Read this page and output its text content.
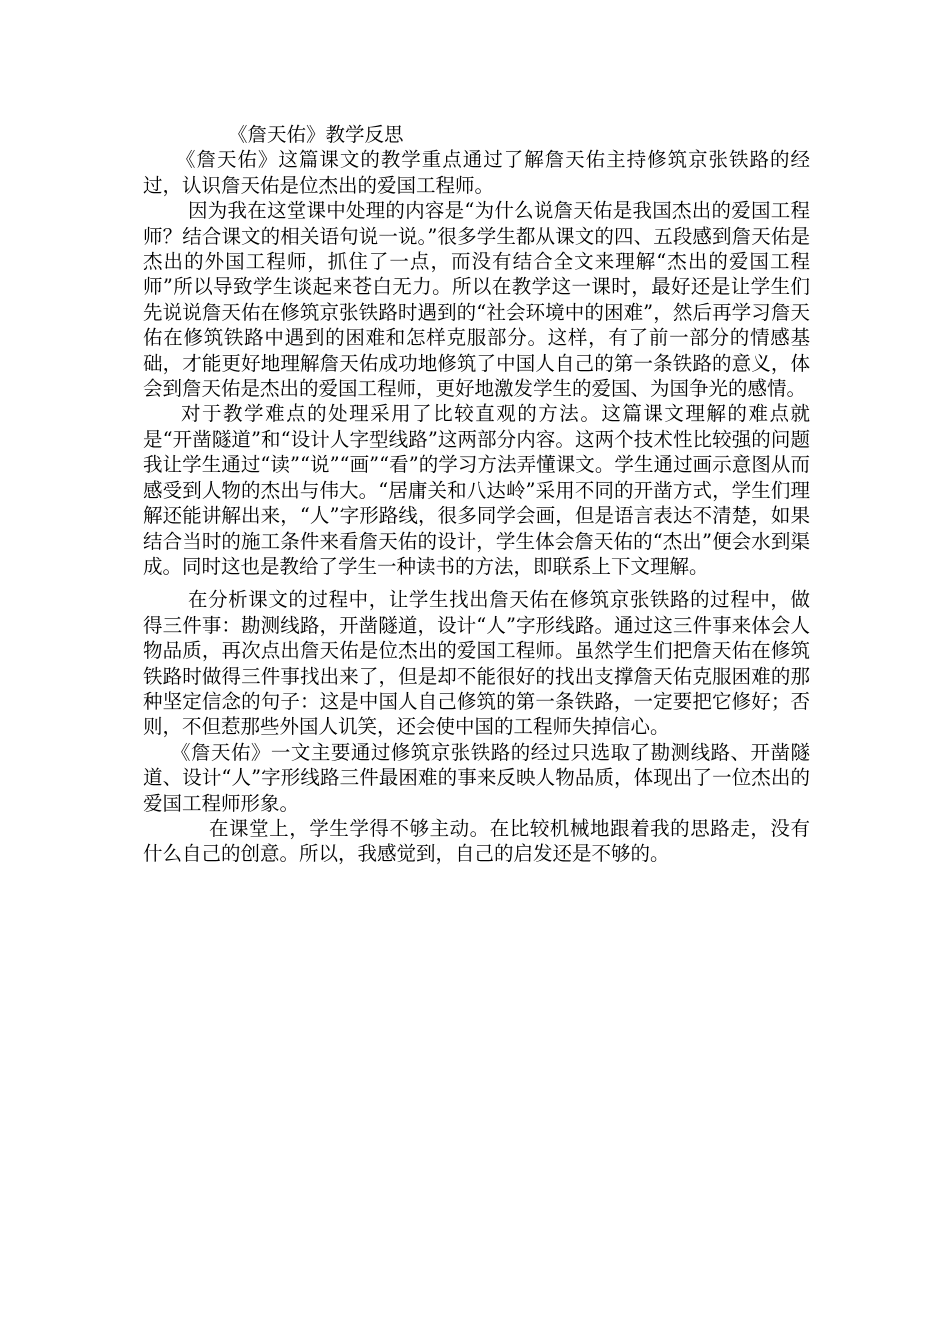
《詹天佑》教学反思

《詹天佑》这篇课文的教学重点通过了解詹天佑主持修筑京张铁路的经过，认识詹天佑是位杰出的爱国工程师。

因为我在这堂课中处理的内容是“为什么说詹天佑是我国杰出的爱国工程师？结合课文的相关语句说一说。”很多学生都从课文的四、五段感到詹天佑是杰出的外国工程师，抓住了一点，而没有结合全文来理解“杰出的爱国工程师”所以导致学生谈起来苍白无力。所以在教学这一课时，最好还是让学生们先说说詹天佑在修筑京张铁路时遇到的“社会环境中的困难”，然后再学习詹天佑在修筑铁路中遇到的困难和怎样克服部分。这样，有了前一部分的情感基础，才能更好地理解詹天佑成功地修筑了中国人自己的第一条铁路的意义，体会到詹天佑是杰出的爱国工程师，更好地激发学生的爱国、为国争光的感情。

对于教学难点的处理采用了比较直观的方法。这篇课文理解的难点就是“开凿隧道”和“设计人字型线路”这两部分内容。这两个技术性比较强的问题我让学生通过“读”“说”“画”“看”的学习方法弄懂课文。学生通过画示意图从而感受到人物的杰出与伟大。“居庸关和八达岭”采用不同的开凿方式，学生们理解还能讲解出来，“人”字形路线，很多同学会画，但是语言表达不清楚，如果结合当时的施工条件来看詹天佑的设计，学生体会詹天佑的“杰出”便会水到渠成。同时这也是教给了学生一种读书的方法，即联系上下文理解。

在分析课文的过程中，让学生找出詹天佑在修筑京张铁路的过程中，做得三件事：勘测线路，开凿隧道，设计“人”字形线路。通过这三件事来体会人物品质，再次点出詹天佑是位杰出的爱国工程师。虽然学生们把詹天佑在修筑铁路时做得三件事找出来了，但是却不能很好的找出支撑詹天佑克服困难的那种坚定信念的句子：这是中国人自己修筑的第一条铁路，一定要把它修好；否则，不但惹那些外国人讥笑，还会使中国的工程师失掉信心。

《詹天佑》一文主要通过修筑京张铁路的经过只选取了勘测线路、开凿隧道、设计“人”字形线路三件最困难的事来反映人物品质，体现出了一位杰出的爱国工程师形象。

在课堂上，学生学得不够主动。在比较机械地跟着我的思路走，没有什么自己的创意。所以，我感觉到，自己的启发还是不够的。
